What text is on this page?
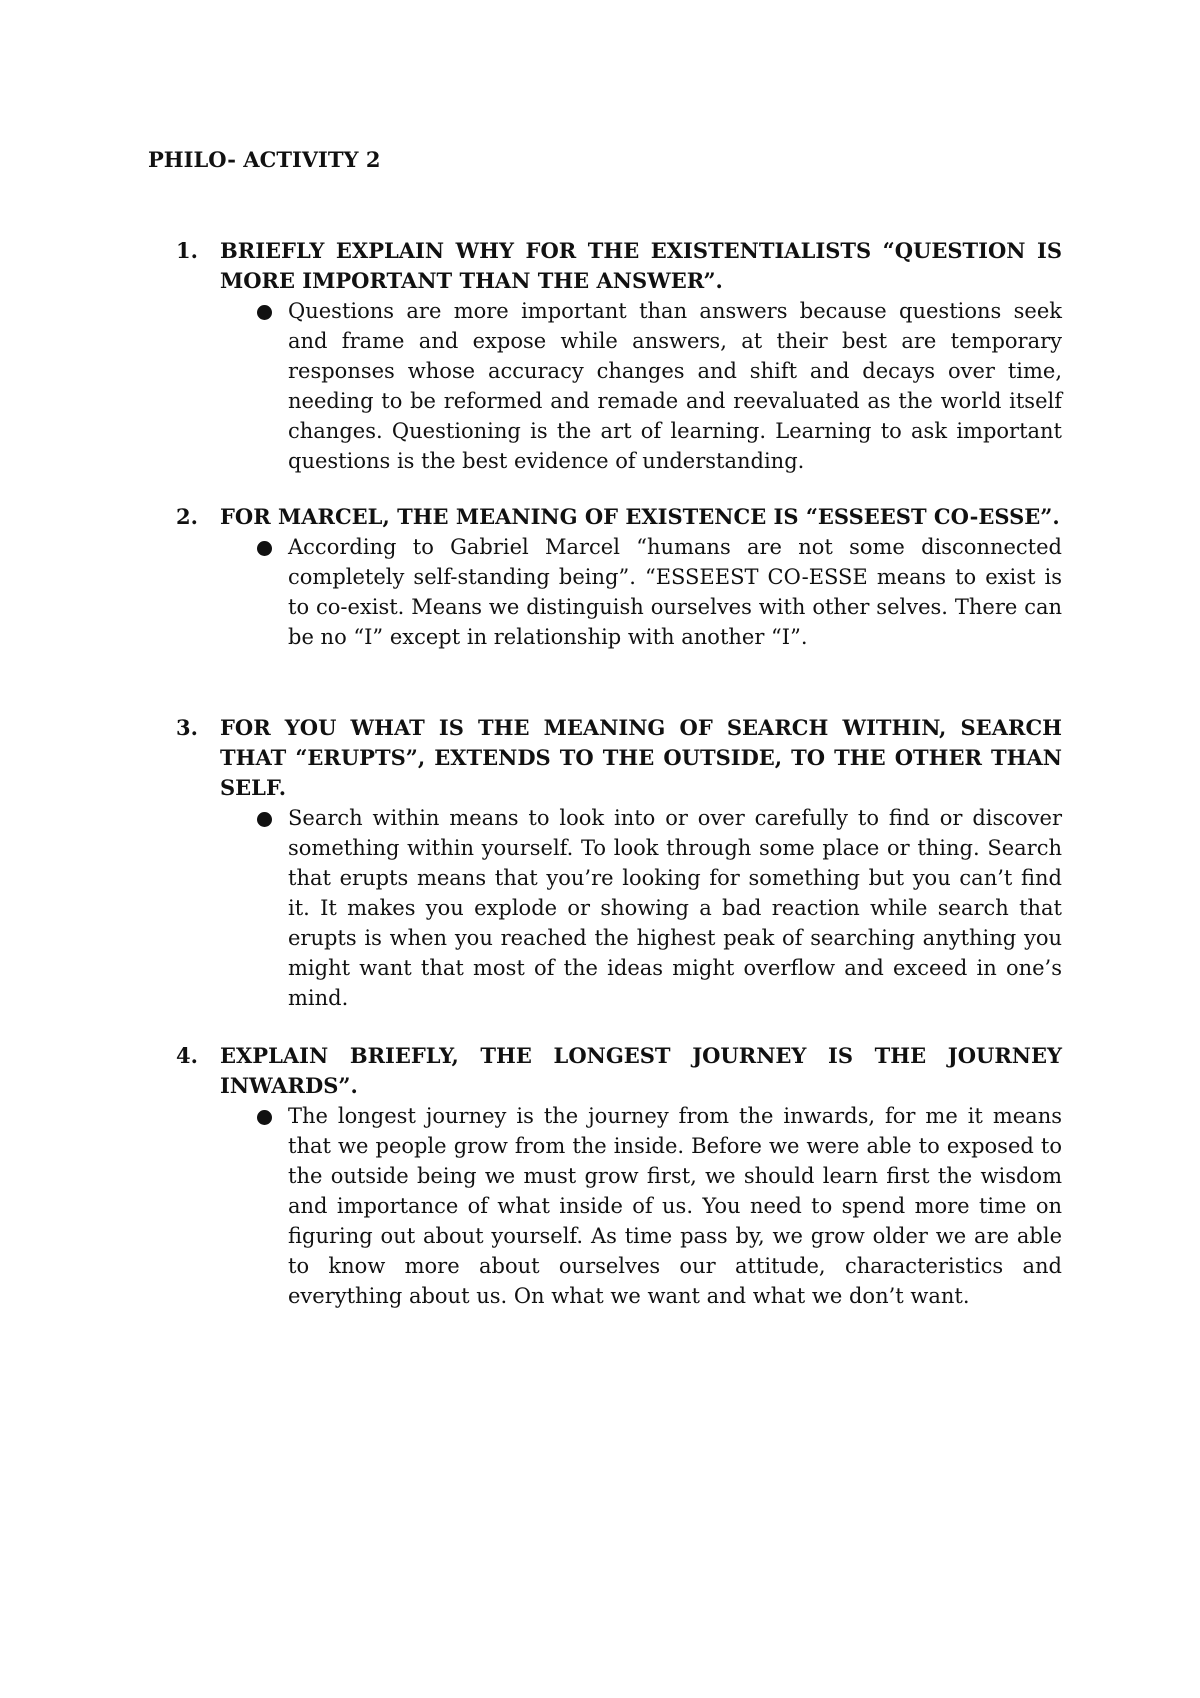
PHILO- ACTIVITY 2
1.	BRIEFLY EXPLAIN WHY FOR THE EXISTENTIALISTS “QUESTION IS MORE IMPORTANT THAN THE ANSWER”.
Questions are more important than answers because questions seek and frame and expose while answers, at their best are temporary responses whose accuracy changes and shift and decays over time, needing to be reformed and remade and reevaluated as the world itself changes. Questioning is the art of learning. Learning to ask important questions is the best evidence of understanding.
2.	FOR MARCEL, THE MEANING OF EXISTENCE IS “ESSEEST CO-ESSE”.
According to Gabriel Marcel “humans are not some disconnected completely self-standing being”. “ESSEEST CO-ESSE means to exist is to co-exist. Means we distinguish ourselves with other selves. There can be no “I” except in relationship with another “I”.
3.	FOR YOU WHAT IS THE MEANING OF SEARCH WITHIN, SEARCH THAT “ERUPTS”, EXTENDS TO THE OUTSIDE, TO THE OTHER THAN SELF.
Search within means to look into or over carefully to find or discover something within yourself. To look through some place or thing. Search that erupts means that you’re looking for something but you can’t find it. It makes you explode or showing a bad reaction while search that erupts is when you reached the highest peak of searching anything you might want that most of the ideas might overflow and exceed in one’s mind.
4.	EXPLAIN BRIEFLY, THE LONGEST JOURNEY IS THE JOURNEY INWARDS”.
The longest journey is the journey from the inwards, for me it means that we people grow from the inside. Before we were able to exposed to the outside being we must grow first, we should learn first the wisdom and importance of what inside of us. You need to spend more time on figuring out about yourself. As time pass by, we grow older we are able to know more about ourselves our attitude, characteristics and everything about us. On what we want and what we don’t want.
